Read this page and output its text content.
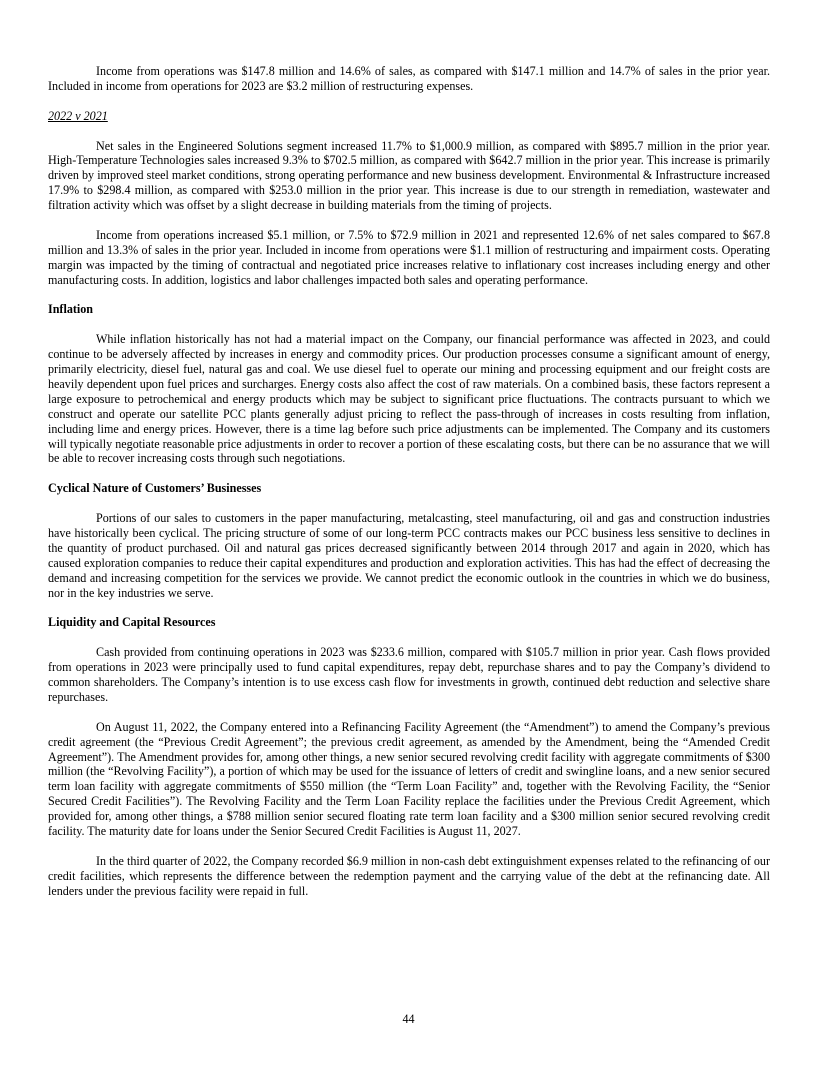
Income from operations was $147.8 million and 14.6% of sales, as compared with $147.1 million and 14.7% of sales in the prior year. Included in income from operations for 2023 are $3.2 million of restructuring expenses.

2022 v 2021

Net sales in the Engineered Solutions segment increased 11.7% to $1,000.9 million, as compared with $895.7 million in the prior year. High-Temperature Technologies sales increased 9.3% to $702.5 million, as compared with $642.7 million in the prior year. This increase is primarily driven by improved steel market conditions, strong operating performance and new business development. Environmental & Infrastructure increased 17.9% to $298.4 million, as compared with $253.0 million in the prior year. This increase is due to our strength in remediation, wastewater and filtration activity which was offset by a slight decrease in building materials from the timing of projects.

Income from operations increased $5.1 million, or 7.5% to $72.9 million in 2021 and represented 12.6% of net sales compared to $67.8 million and 13.3% of sales in the prior year. Included in income from operations were $1.1 million of restructuring and impairment costs. Operating margin was impacted by the timing of contractual and negotiated price increases relative to inflationary cost increases including energy and other manufacturing costs. In addition, logistics and labor challenges impacted both sales and operating performance.

Inflation

While inflation historically has not had a material impact on the Company, our financial performance was affected in 2023, and could continue to be adversely affected by increases in energy and commodity prices. Our production processes consume a significant amount of energy, primarily electricity, diesel fuel, natural gas and coal. We use diesel fuel to operate our mining and processing equipment and our freight costs are heavily dependent upon fuel prices and surcharges. Energy costs also affect the cost of raw materials. On a combined basis, these factors represent a large exposure to petrochemical and energy products which may be subject to significant price fluctuations. The contracts pursuant to which we construct and operate our satellite PCC plants generally adjust pricing to reflect the pass-through of increases in costs resulting from inflation, including lime and energy prices. However, there is a time lag before such price adjustments can be implemented. The Company and its customers will typically negotiate reasonable price adjustments in order to recover a portion of these escalating costs, but there can be no assurance that we will be able to recover increasing costs through such negotiations.

Cyclical Nature of Customers’ Businesses

Portions of our sales to customers in the paper manufacturing, metalcasting, steel manufacturing, oil and gas and construction industries have historically been cyclical. The pricing structure of some of our long-term PCC contracts makes our PCC business less sensitive to declines in the quantity of product purchased. Oil and natural gas prices decreased significantly between 2014 through 2017 and again in 2020, which has caused exploration companies to reduce their capital expenditures and production and exploration activities. This has had the effect of decreasing the demand and increasing competition for the services we provide. We cannot predict the economic outlook in the countries in which we do business, nor in the key industries we serve.

Liquidity and Capital Resources

Cash provided from continuing operations in 2023 was $233.6 million, compared with $105.7 million in prior year. Cash flows provided from operations in 2023 were principally used to fund capital expenditures, repay debt, repurchase shares and to pay the Company’s dividend to common shareholders. The Company’s intention is to use excess cash flow for investments in growth, continued debt reduction and selective share repurchases.

On August 11, 2022, the Company entered into a Refinancing Facility Agreement (the “Amendment”) to amend the Company’s previous credit agreement (the “Previous Credit Agreement”; the previous credit agreement, as amended by the Amendment, being the “Amended Credit Agreement”). The Amendment provides for, among other things, a new senior secured revolving credit facility with aggregate commitments of $300 million (the “Revolving Facility”), a portion of which may be used for the issuance of letters of credit and swingline loans, and a new senior secured term loan facility with aggregate commitments of $550 million (the “Term Loan Facility” and, together with the Revolving Facility, the “Senior Secured Credit Facilities”). The Revolving Facility and the Term Loan Facility replace the facilities under the Previous Credit Agreement, which provided for, among other things, a $788 million senior secured floating rate term loan facility and a $300 million senior secured revolving credit facility. The maturity date for loans under the Senior Secured Credit Facilities is August 11, 2027.

In the third quarter of 2022, the Company recorded $6.9 million in non-cash debt extinguishment expenses related to the refinancing of our credit facilities, which represents the difference between the redemption payment and the carrying value of the debt at the refinancing date. All lenders under the previous facility were repaid in full.

44
